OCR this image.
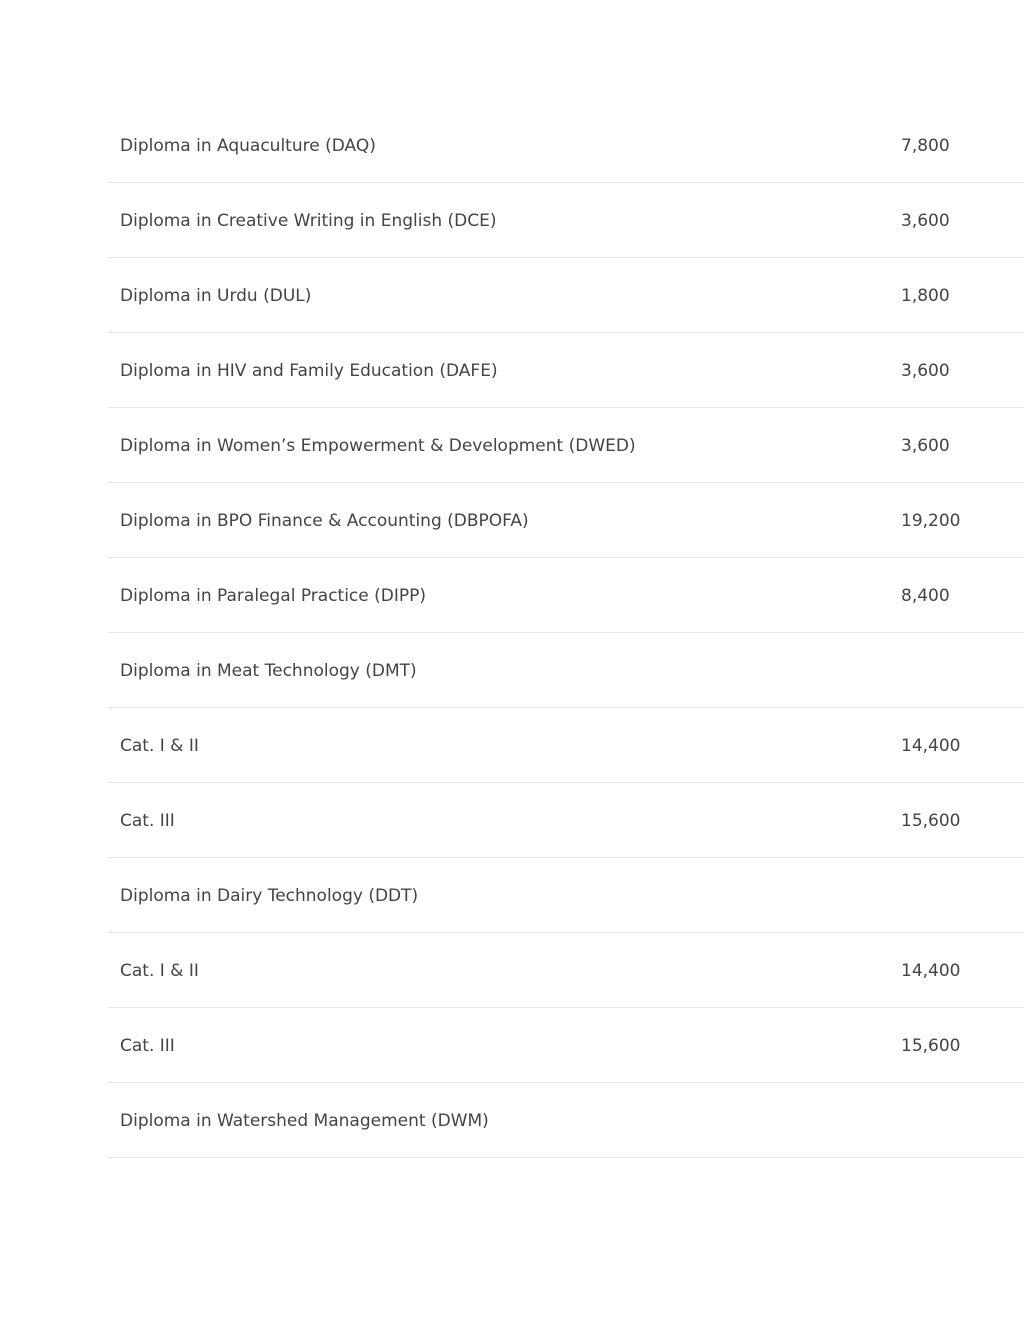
Diploma in Aquaculture (DAQ)	7,800
Diploma in Creative Writing in English (DCE)	3,600
Diploma in Urdu (DUL)	1,800
Diploma in HIV and Family Education (DAFE)	3,600
Diploma in Women’s Empowerment & Development (DWED)	3,600
Diploma in BPO Finance & Accounting (DBPOFA)	19,200
Diploma in Paralegal Practice (DIPP)	8,400
Diploma in Meat Technology (DMT)
Cat. I & II	14,400
Cat. III	15,600
Diploma in Dairy Technology (DDT)
Cat. I & II	14,400
Cat. III	15,600
Diploma in Watershed Management (DWM)
